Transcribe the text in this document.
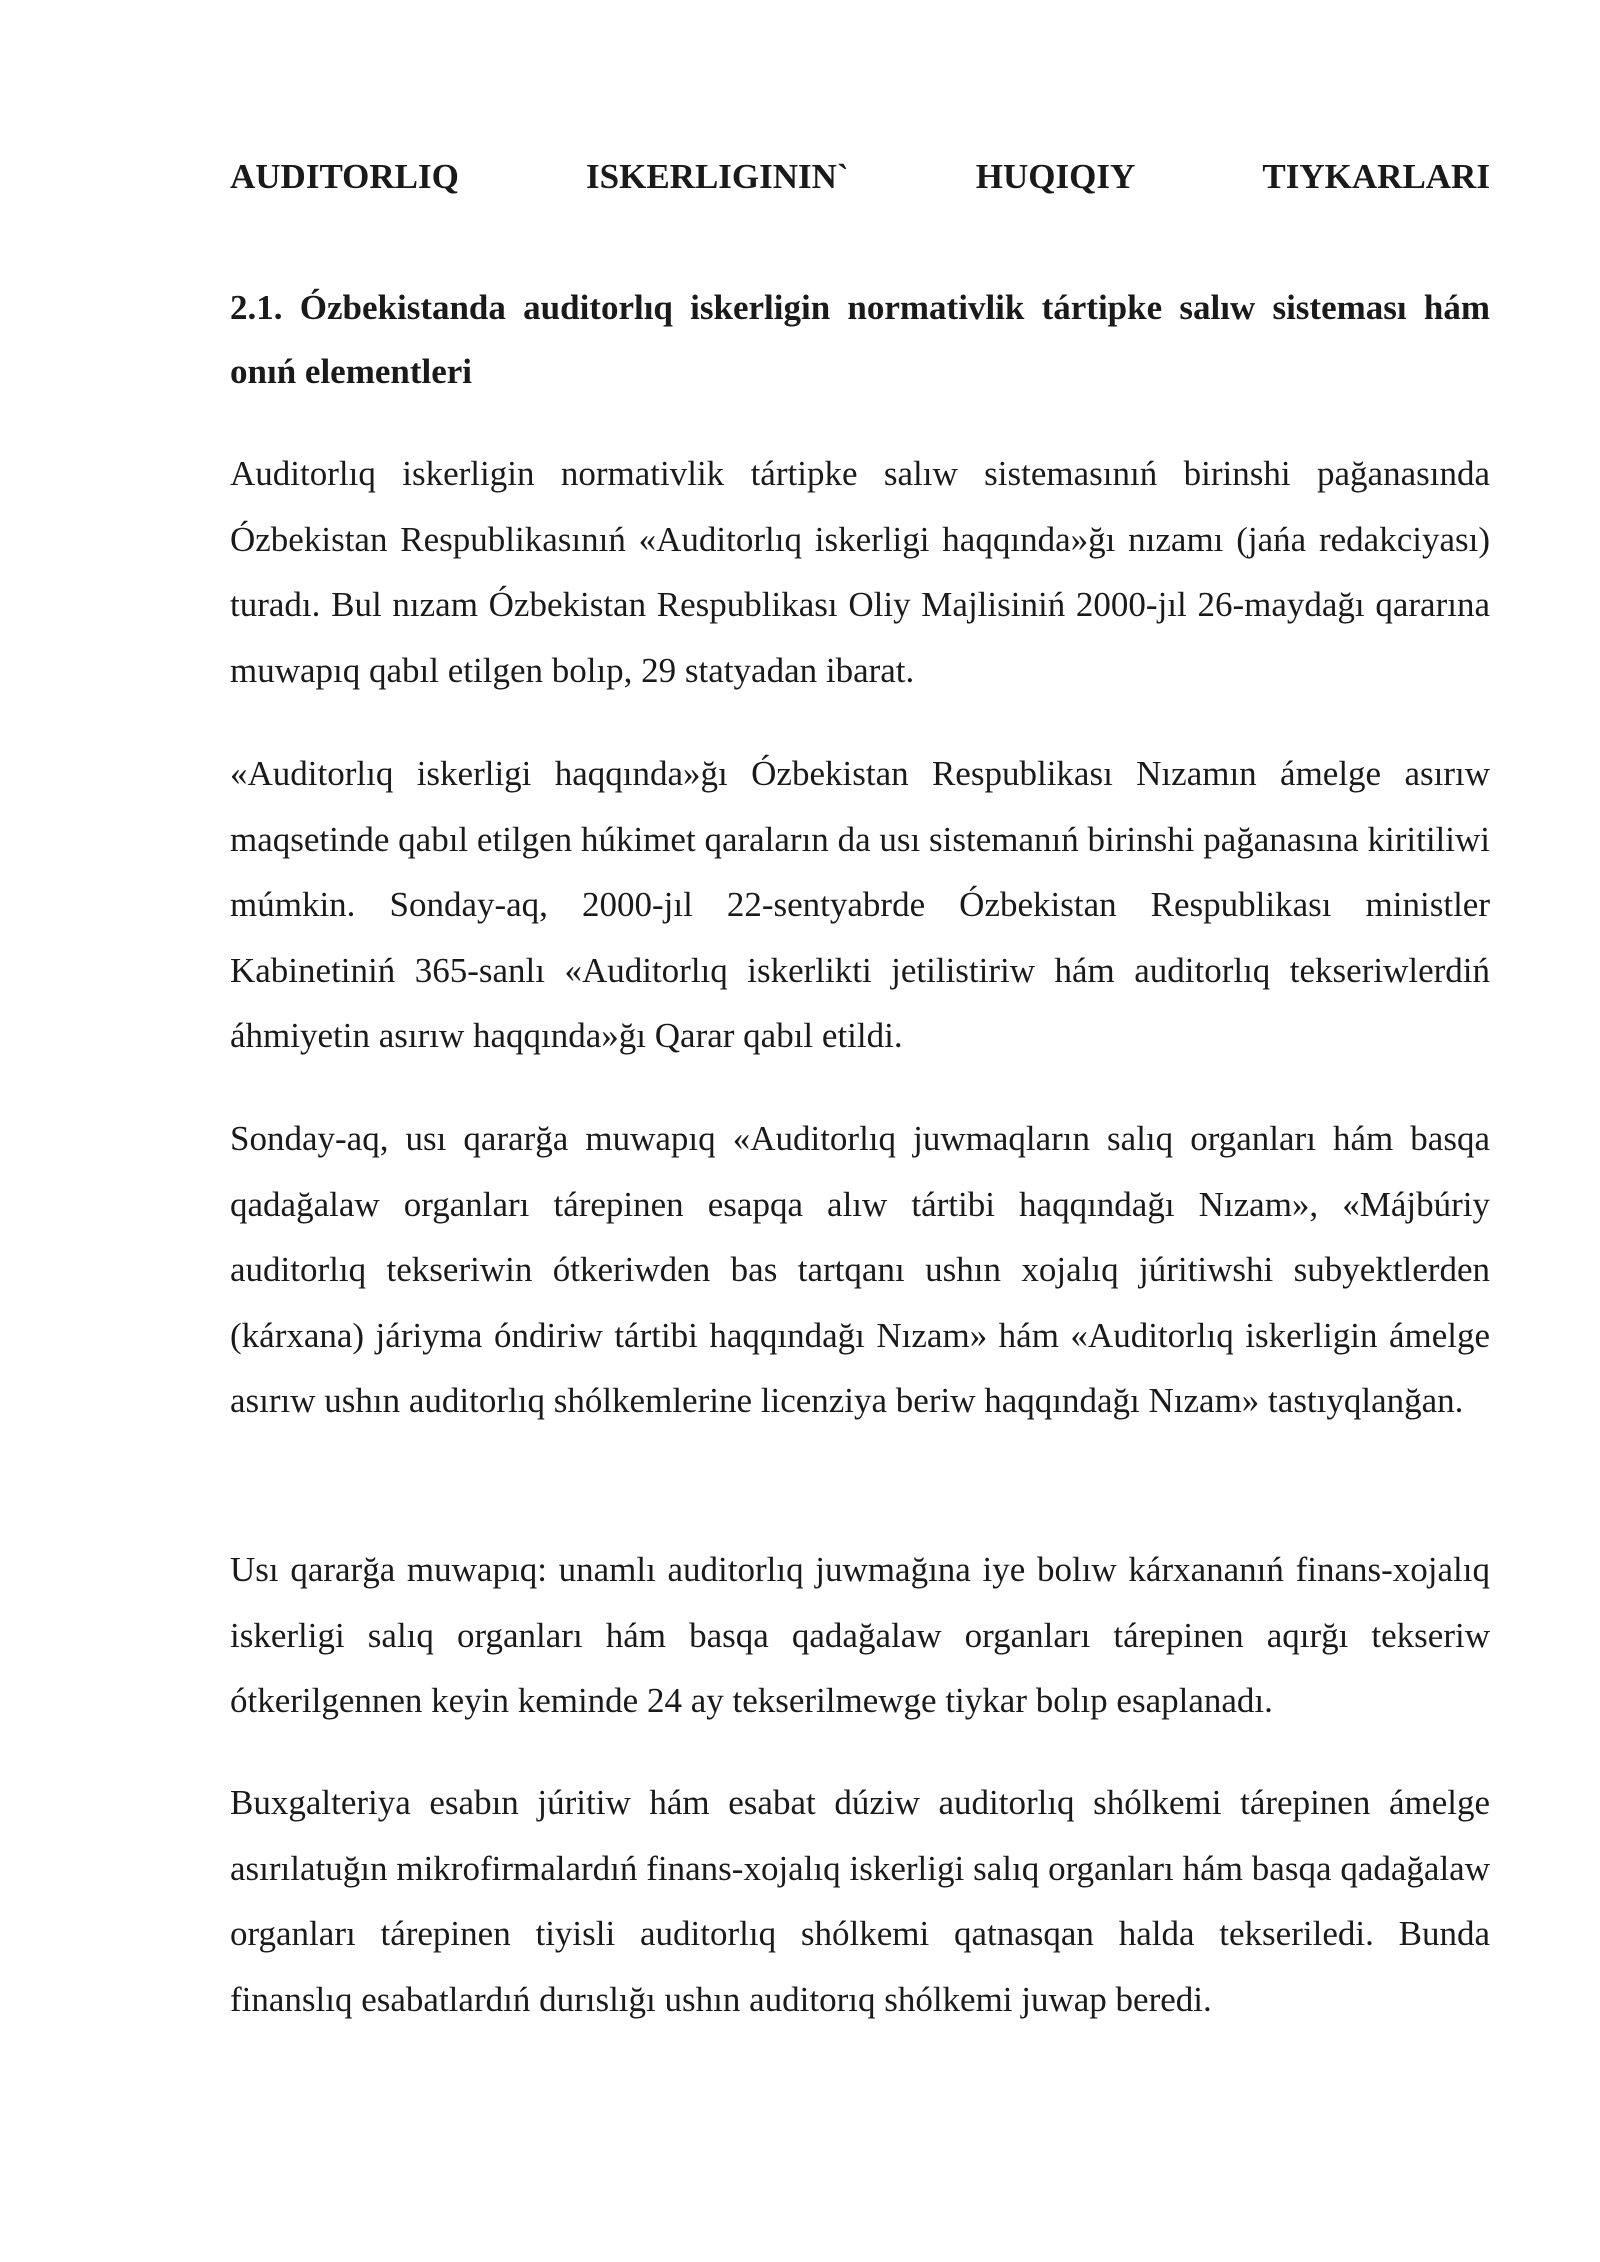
AUDITORLIQ	ISKERLIGININ`	HUQIQIY	TIYKARLARI
2.1. Ózbekistanda auditorlıq iskerligin normativlik tártipke salıw sisteması hám onıń elementleri

Auditorlıq iskerligin normativlik tártipke salıw sistemasınıń birinshi pağanasında Ózbekistan Respublikasınıń «Auditorlıq iskerligi haqqında»ğı nızamı (jańa redakciyası) turadı. Bul nızam Ózbekistan Respublikası Oliy Majlisiniń 2000-jıl 26-maydağı qararına muwapıq qabıl etilgen bolıp, 29 statyadan ibarat.

«Auditorlıq iskerligi haqqında»ğı Ózbekistan Respublikası Nızamın ámelge asırıw maqsetinde qabıl etilgen húkimet qaraların da usı sistemanıń birinshi pağanasına kiritiliwi múmkin. Sonday-aq, 2000-jıl 22-sentyabrde Ózbekistan Respublikası ministler Kabinetiniń 365-sanlı «Auditorlıq iskerlikti jetilistiriw hám auditorlıq tekseriwlerdiń áhmiyetin asırıw haqqında»ğı Qarar qabıl etildi.

Sonday-aq, usı qararğa muwapıq «Auditorlıq juwmaqların salıq organları hám basqa qadağalaw organları tárepinen esapqa alıw tártibi haqqındağı Nızam», «Májbúriy auditorlıq tekseriwin ótkeriwden bas tartqanı ushın xojalıq júritiwshi subyektlerden (kárxana) járiyma óndiriw tártibi haqqındağı Nızam» hám «Auditorlıq iskerligin ámelge asırıw ushın auditorlıq shólkemlerine licenziya beriw haqqındağı Nızam» tastıyqlanğan.

Usı qararğa muwapıq: unamlı auditorlıq juwmağına iye bolıw kárxananıń finans-xojalıq iskerligi salıq organları hám basqa qadağalaw organları tárepinen aqırğı tekseriw ótkerilgennen keyin keminde 24 ay tekserilmewge tiykar bolıp esaplanadı.

Buxgalteriya esabın júritiw hám esabat dúziw auditorlıq shólkemi tárepinen ámelge asırılatuğın mikrofirmalardıń finans-xojalıq iskerligi salıq organları hám basqa qadağalaw organları tárepinen tiyisli auditorlıq shólkemi qatnasqan halda tekseriledi. Bunda finanslıq esabatlardıń durıslığı ushın auditorıq shólkemi juwap beredi.
